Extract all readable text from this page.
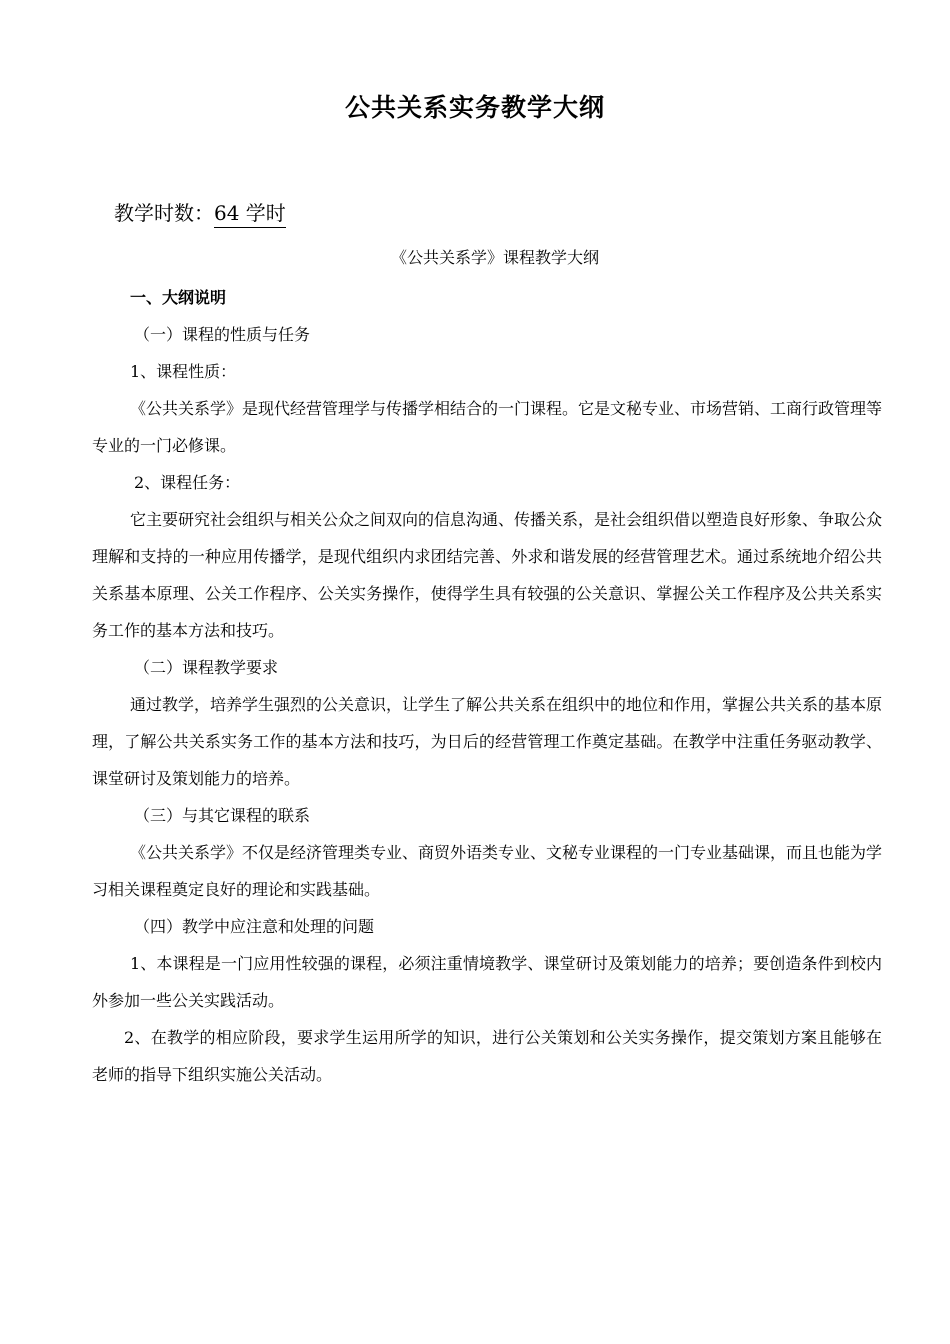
公共关系实务教学大纲
教学时数：64 学时
《公共关系学》课程教学大纲

一、大纲说明

（一）课程的性质与任务

1、课程性质：

《公共关系学》是现代经营管理学与传播学相结合的一门课程。它是文秘专业、市场营销、工商行政管理等专业的一门必修课。

2、课程任务：

它主要研究社会组织与相关公众之间双向的信息沟通、传播关系，是社会组织借以塑造良好形象、争取公众理解和支持的一种应用传播学，是现代组织内求团结完善、外求和谐发展的经营管理艺术。通过系统地介绍公共关系基本原理、公关工作程序、公关实务操作，使得学生具有较强的公关意识、掌握公关工作程序及公共关系实务工作的基本方法和技巧。

（二）课程教学要求

通过教学，培养学生强烈的公关意识，让学生了解公共关系在组织中的地位和作用，掌握公共关系的基本原理，了解公共关系实务工作的基本方法和技巧，为日后的经营管理工作奠定基础。在教学中注重任务驱动教学、课堂研讨及策划能力的培养。

（三）与其它课程的联系

《公共关系学》不仅是经济管理类专业、商贸外语类专业、文秘专业课程的一门专业基础课，而且也能为学习相关课程奠定良好的理论和实践基础。

（四）教学中应注意和处理的问题

1、本课程是一门应用性较强的课程，必须注重情境教学、课堂研讨及策划能力的培养；要创造条件到校内外参加一些公关实践活动。

2、在教学的相应阶段，要求学生运用所学的知识，进行公关策划和公关实务操作，提交策划方案且能够在老师的指导下组织实施公关活动。
